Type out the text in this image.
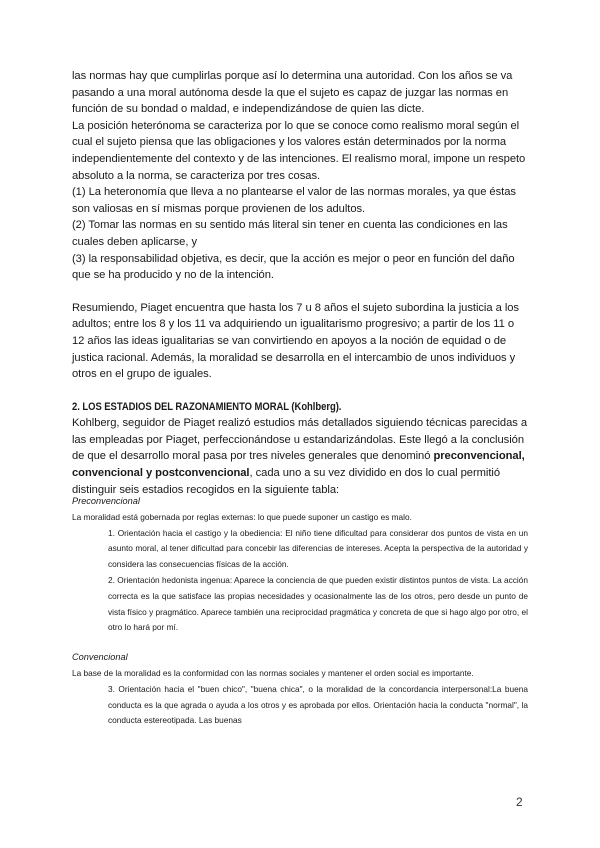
las normas hay que cumplirlas porque así lo determina una autoridad. Con los años se va pasando a una moral autónoma desde la que el sujeto es capaz de juzgar las normas en función de su bondad o maldad, e independizándose de quien las dicte.

La posición heterónoma se caracteriza por lo que se conoce como realismo moral según el cual el sujeto piensa que las obligaciones y los valores están determinados por la norma independientemente del contexto y de las intenciones. El realismo moral, impone un respeto absoluto a la norma, se caracteriza por tres cosas.

(1) La heteronomía que lleva a no plantearse el valor de las normas morales, ya que éstas son valiosas en sí mismas porque provienen de los adultos.

(2) Tomar las normas en su sentido más literal sin tener en cuenta las condiciones en las cuales deben aplicarse, y

(3) la responsabilidad objetiva, es decir, que la acción es mejor o peor en función del daño que se ha producido y no de la intención.

Resumiendo, Piaget encuentra que hasta los 7 u 8 años el sujeto subordina la justicia a los adultos; entre los 8 y los 11 va adquiriendo un igualitarismo progresivo; a partir de los 11 o 12 años las ideas igualitarias se van convirtiendo en apoyos a la noción de equidad o de justica racional. Además, la moralidad se desarrolla en el intercambio de unos individuos y otros en el grupo de iguales.

2. LOS ESTADIOS DEL RAZONAMIENTO MORAL (Kohlberg).

Kohlberg, seguidor de Piaget realizó estudios más detallados siguiendo técnicas parecidas a las empleadas por Piaget, perfeccionándose u estandarizándolas. Este llegó a la conclusión de que el desarrollo moral pasa por tres niveles generales que denominó preconvencional, convencional y postconvencional, cada uno a su vez dividido en dos lo cual permitió distinguir seis estadios recogidos en la siguiente tabla:

Preconvencional

La moralidad está gobernada por reglas externas: lo que puede suponer un castigo es malo.

1. Orientación hacia el castigo y la obediencia: El niño tiene dificultad para considerar dos puntos de vista en un asunto moral, al tener dificultad para concebir las diferencias de intereses. Acepta la perspectiva de la autoridad y considera las consecuencias físicas de la acción.

2. Orientación hedonista ingenua: Aparece la conciencia de que pueden existir distintos puntos de vista. La acción correcta es la que satisface las propias necesidades y ocasionalmente las de los otros, pero desde un punto de vista físico y pragmático. Aparece también una reciprocidad pragmática y concreta de que si hago algo por otro, el otro lo hará por mí.

Convencional

La base de la moralidad es la conformidad con las normas sociales y mantener el orden social es importante.

3. Orientación hacia el "buen chico", "buena chica", o la moralidad de la concordancia interpersonal:La buena conducta es la que agrada o ayuda a los otros y es aprobada por ellos. Orientación hacia la conducta "normal", la conducta estereotipada. Las buenas

2
